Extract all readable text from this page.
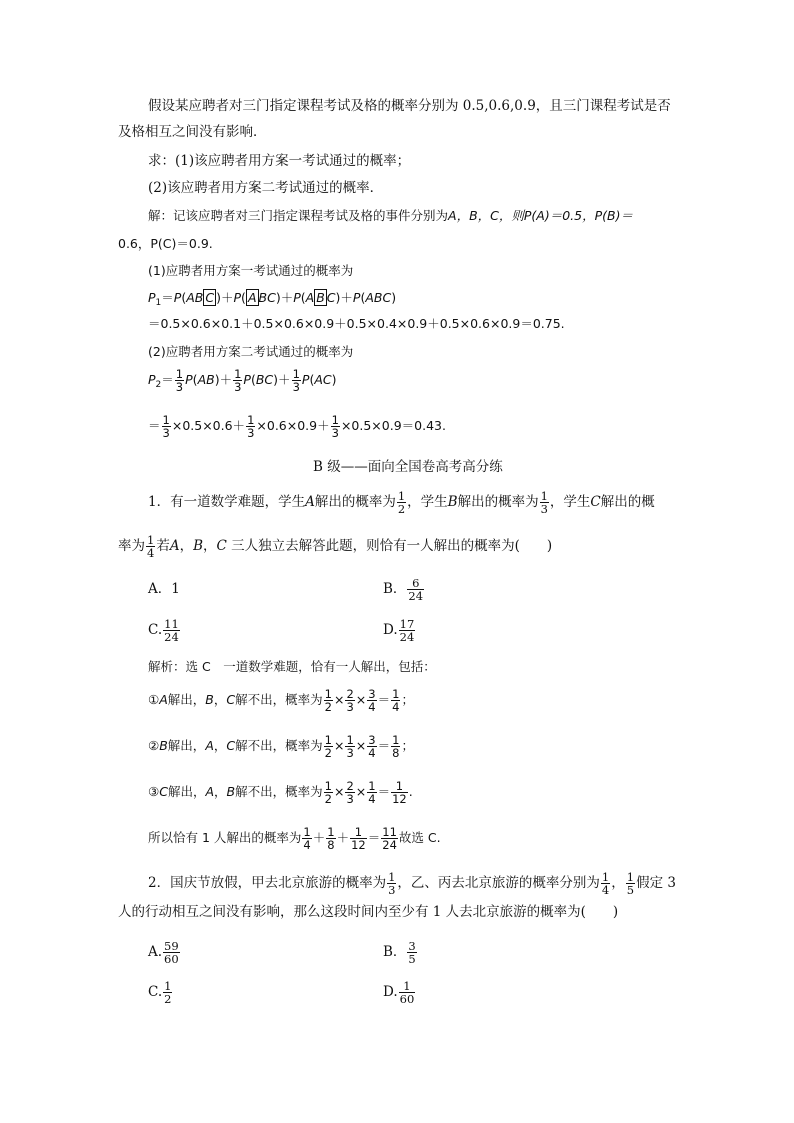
假设某应聘者对三门指定课程考试及格的概率分别为 0.5,0.6,0.9，且三门课程考试是否
及格相互之间没有影响．
求：(1)该应聘者用方案一考试通过的概率；
(2)该应聘者用方案二考试通过的概率．
解：记该应聘者对三门指定课程考试及格的事件分别为A，B，C，则P(A)＝0.5，P(B)＝
0.6，P(C)＝0.9.
(1)应聘者用方案一考试通过的概率为
$P_1=P(AB$ C )＋P( A BC)＋P(A B C)＋P(ABC)
＝0.5×0.6×0.1＋0.5×0.6×0.9＋0.5×0.4×0.9＋0.5×0.6×0.9＝0.75.
(2)应聘者用方案二考试通过的概率为
$P_2= \frac{1}{3} P(AB)+ \frac{1}{3} P(BC)+ \frac{1}{3} P(AC)$
＝ $\frac{1}{3} \times 0.5\times 0.6+ \frac{1}{3} \times 0.6\times 0.9+ \frac{1}{3} \times 0.5\times 0.9=0.43$.
B 级——面向全国卷高考高分练
1．有一道数学难题，学生A解出的概率为 $\frac{1}{2}$ ，学生B解出的概率为 $\frac{1}{3}$ ，学生C解出的概
率为 $\frac{1}{4}$ 若A，B，C 三人独立去解答此题，则恰有一人解出的概率为(　　)
A．1	B． $\frac{6}{24}$
C. $\frac{11}{24}$	D. $\frac{17}{24}$
解析：选 C　一道数学难题，恰有一人解出，包括：
①A解出，B，C解不出，概率为 $\frac{1}{2} \times \frac{2}{3} \times \frac{3}{4} = \frac{1}{4}$ ；
②B解出，A，C解不出，概率为 $\frac{1}{2} \times \frac{1}{3} \times \frac{3}{4} = \frac{1}{8}$ ；
③C解出，A，B解不出，概率为 $\frac{1}{2} \times \frac{2}{3} \times \frac{1}{4} = \frac{1}{12}$ .
所以恰有 1 人解出的概率为 $\frac{1}{4} + \frac{1}{8} + \frac{1}{12} = \frac{11}{24}$ 故选 C.
2．国庆节放假，甲去北京旅游的概率为 $\frac{1}{3}$ ，乙、丙去北京旅游的概率分别为 $\frac{1}{4}$ ， $\frac{1}{5}$ 假定 3
人的行动相互之间没有影响，那么这段时间内至少有 1 人去北京旅游的概率为(　　)
A. $\frac{59}{60}$	B． $\frac{3}{5}$
C. $\frac{1}{2}$	D. $\frac{1}{60}$
